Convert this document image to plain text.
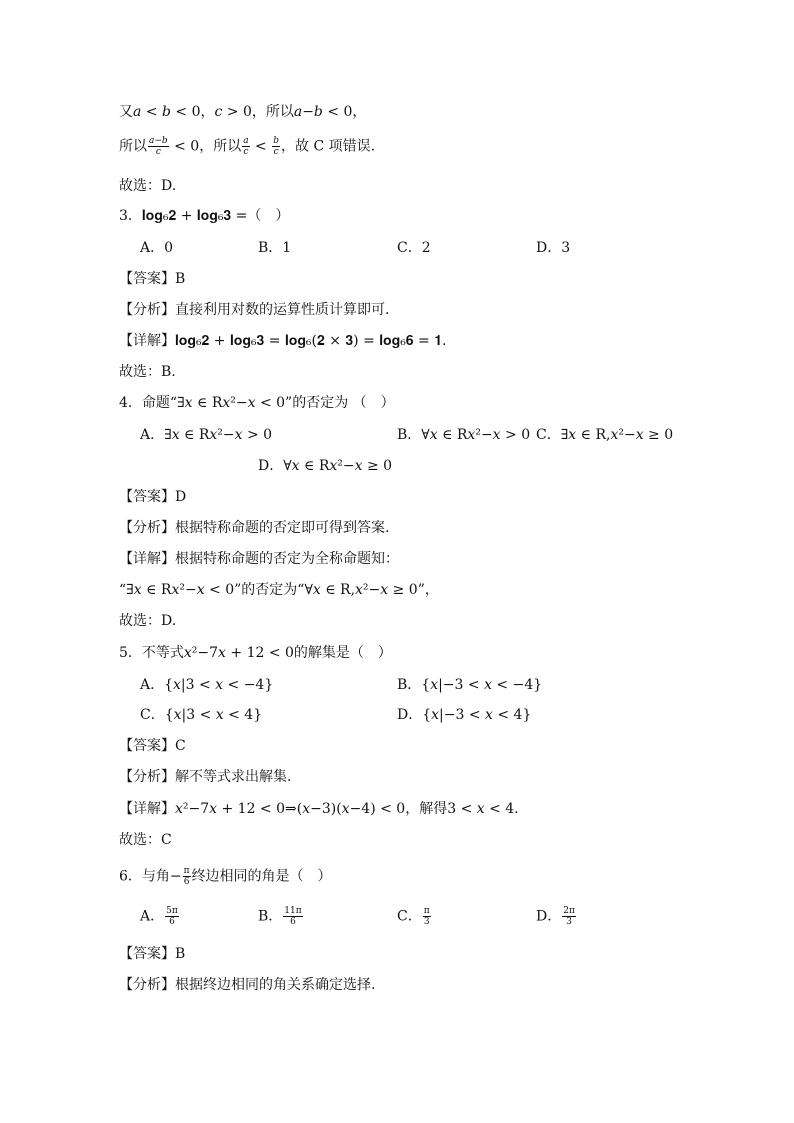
又𝑎 < 𝑏 < 0，𝑐 > 0，所以𝑎−𝑏 < 0，
所以 $\frac{\text{𝑎−𝑏}}{\text{𝑐}} < 0$，所以 $\frac{\text{𝑎}}{\text{𝑐}} < \frac{\text{𝑏}}{\text{𝑐}}$ ，故 C 项错误.
故选：D.
3．𝐥𝐨𝐠₆𝟐 + 𝐥𝐨𝐠₆𝟑 =（　）
A．0	B．1	C．2	D．3
【答案】B
【分析】直接利用对数的运算性质计算即可.
【详解】𝐥𝐨𝐠₆𝟐 + 𝐥𝐨𝐠₆𝟑 = 𝐥𝐨𝐠₆(𝟐 × 𝟑) = 𝐥𝐨𝐠₆𝟔 = 𝟏.
故选：B.
4．命题“∃𝑥 ∈ R𝑥²−𝑥 < 0”的否定为 （　）
A．∃𝑥 ∈ R𝑥²−𝑥 > 0	B．∀𝑥 ∈ R𝑥²−𝑥 > 0 C．∃𝑥 ∈ R,𝑥²−𝑥 ≥ 0
D．∀𝑥 ∈ R𝑥²−𝑥 ≥ 0
【答案】D
【分析】根据特称命题的否定即可得到答案.
【详解】根据特称命题的否定为全称命题知：
“∃𝑥 ∈ R𝑥²−𝑥 < 0”的否定为“∀𝑥 ∈ R,𝑥²−𝑥 ≥ 0”，
故选：D.
5．不等式𝑥²−7𝑥 + 12 < 0的解集是（　）
A．{𝑥|3 < 𝑥 < −4}	B．{𝑥|−3 < 𝑥 < −4}
C．{𝑥|3 < 𝑥 < 4}	D．{𝑥|−3 < 𝑥 < 4}
【答案】C
【分析】解不等式求出解集.
【详解】𝑥²−7𝑥 + 12 < 0⇒(𝑥−3)(𝑥−4) < 0，解得3 < 𝑥 < 4.
故选：C
6．与角− $\frac{\pi}{6}$ 终边相同的角是（　）
A． $\frac{5\pi}{6}$	B． $\frac{11\pi}{6}$	C． $\frac{\pi}{3}$	D． $\frac{2\pi}{3}$
【答案】B
【分析】根据终边相同的角关系确定选择.
